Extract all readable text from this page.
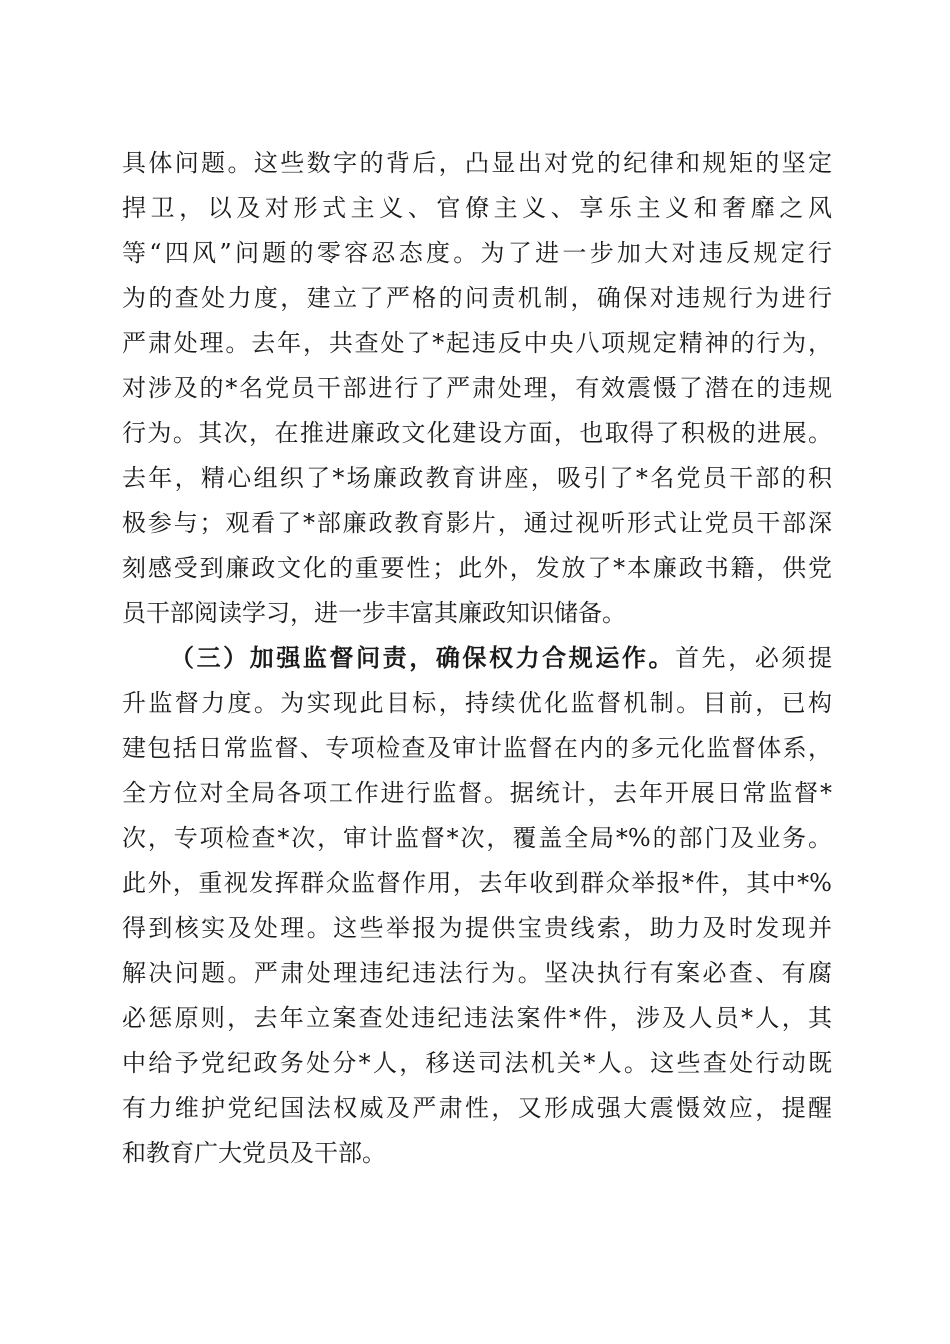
具体问题。这些数字的背后，凸显出对党的纪律和规矩的坚定
捍卫，以及对形式主义、官僚主义、享乐主义和奢靡之风
等“四风”问题的零容忍态度。为了进一步加大对违反规定行
为的查处力度，建立了严格的问责机制，确保对违规行为进行
严肃处理。去年，共查处了*起违反中央八项规定精神的行为，
对涉及的*名党员干部进行了严肃处理，有效震慑了潜在的违规
行为。其次，在推进廉政文化建设方面，也取得了积极的进展。
去年，精心组织了*场廉政教育讲座，吸引了*名党员干部的积
极参与；观看了*部廉政教育影片，通过视听形式让党员干部深
刻感受到廉政文化的重要性；此外，发放了*本廉政书籍，供党
员干部阅读学习，进一步丰富其廉政知识储备。
（三）加强监督问责，确保权力合规运作。首先，必须提
升监督力度。为实现此目标，持续优化监督机制。目前，已构
建包括日常监督、专项检查及审计监督在内的多元化监督体系，
全方位对全局各项工作进行监督。据统计，去年开展日常监督*
次，专项检查*次，审计监督*次，覆盖全局*%的部门及业务。
此外，重视发挥群众监督作用，去年收到群众举报*件，其中*%
得到核实及处理。这些举报为提供宝贵线索，助力及时发现并
解决问题。严肃处理违纪违法行为。坚决执行有案必查、有腐
必惩原则，去年立案查处违纪违法案件*件，涉及人员*人，其
中给予党纪政务处分*人，移送司法机关*人。这些查处行动既
有力维护党纪国法权威及严肃性，又形成强大震慑效应，提醒
和教育广大党员及干部。
